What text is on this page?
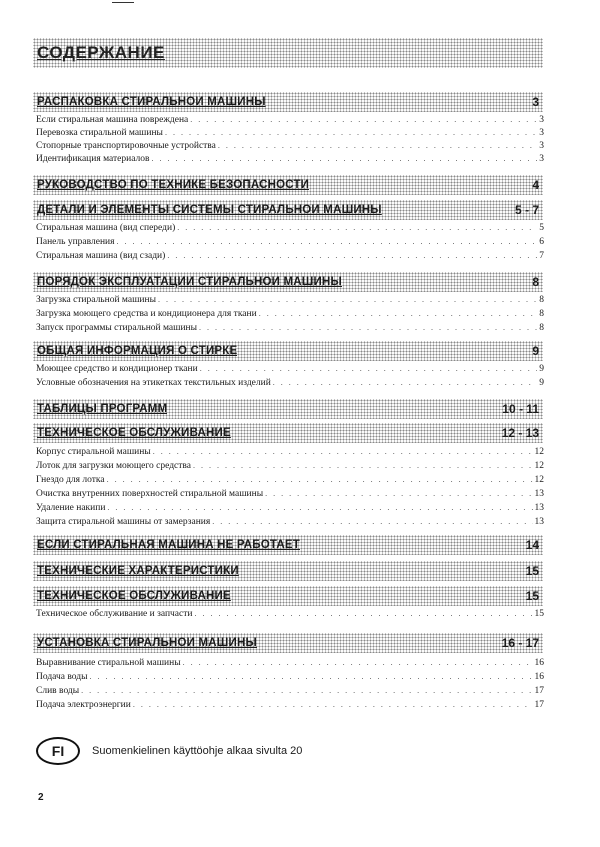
СОДЕРЖАНИЕ
РАСПАКОВКА СТИРАЛЬНОЙ МАШИНЫ	3
Если стиральная машина повреждена . . .	3
Перевозка стиральной машины . . .	3
Стопорные транспортировочные устройства . . .	3
Идентификация материалов . . .	3
РУКОВОДСТВО ПО ТЕХНИКЕ БЕЗОПАСНОСТИ	4
ДЕТАЛИ И ЭЛЕМЕНТЫ СИСТЕМЫ СТИРАЛЬНОЙ МАШИНЫ	5 - 7
Стиральная машина (вид спереди) . . .	5
Панель управления . . .	6
Стиральная машина (вид сзади) . . .	7
ПОРЯДОК ЭКСПЛУАТАЦИИ СТИРАЛЬНОЙ МАШИНЫ	8
Загрузка стиральной машины . . .	8
Загрузка моющего средства и кондиционера для ткани . . .	8
Запуск программы стиральной машины . . .	8
ОБЩАЯ ИНФОРМАЦИЯ О СТИРКЕ	9
Моющее средство и кондиционер ткани . . .	9
Условные обозначения на этикетках текстильных изделий . . .	9
ТАБЛИЦЫ ПРОГРАММ	10 - 11
ТЕХНИЧЕСКОЕ ОБСЛУЖИВАНИЕ	12 - 13
Корпус стиральной машины . . .	12
Лоток для загрузки моющего средства . . .	12
Гнездо для лотка . . .	12
Очистка внутренних поверхностей стиральной машины . . .	13
Удаление накипи . . .	13
Защита стиральной машины от замерзания . . .	13
ЕСЛИ СТИРАЛЬНАЯ МАШИНА НЕ РАБОТАЕТ	14
ТЕХНИЧЕСКИЕ ХАРАКТЕРИСТИКИ	15
ТЕХНИЧЕСКОЕ ОБСЛУЖИВАНИЕ	15
Техническое обслуживание и запчасти . . .	15
УСТАНОВКА СТИРАЛЬНОЙ МАШИНЫ	16 - 17
Выравнивание стиральной машины . . .	16
Подача воды . . .	16
Слив воды . . .	17
Подача электроэнергии . . .	17
FI	Suomenkielinen käyttöohje alkaa sivulta 20
2
